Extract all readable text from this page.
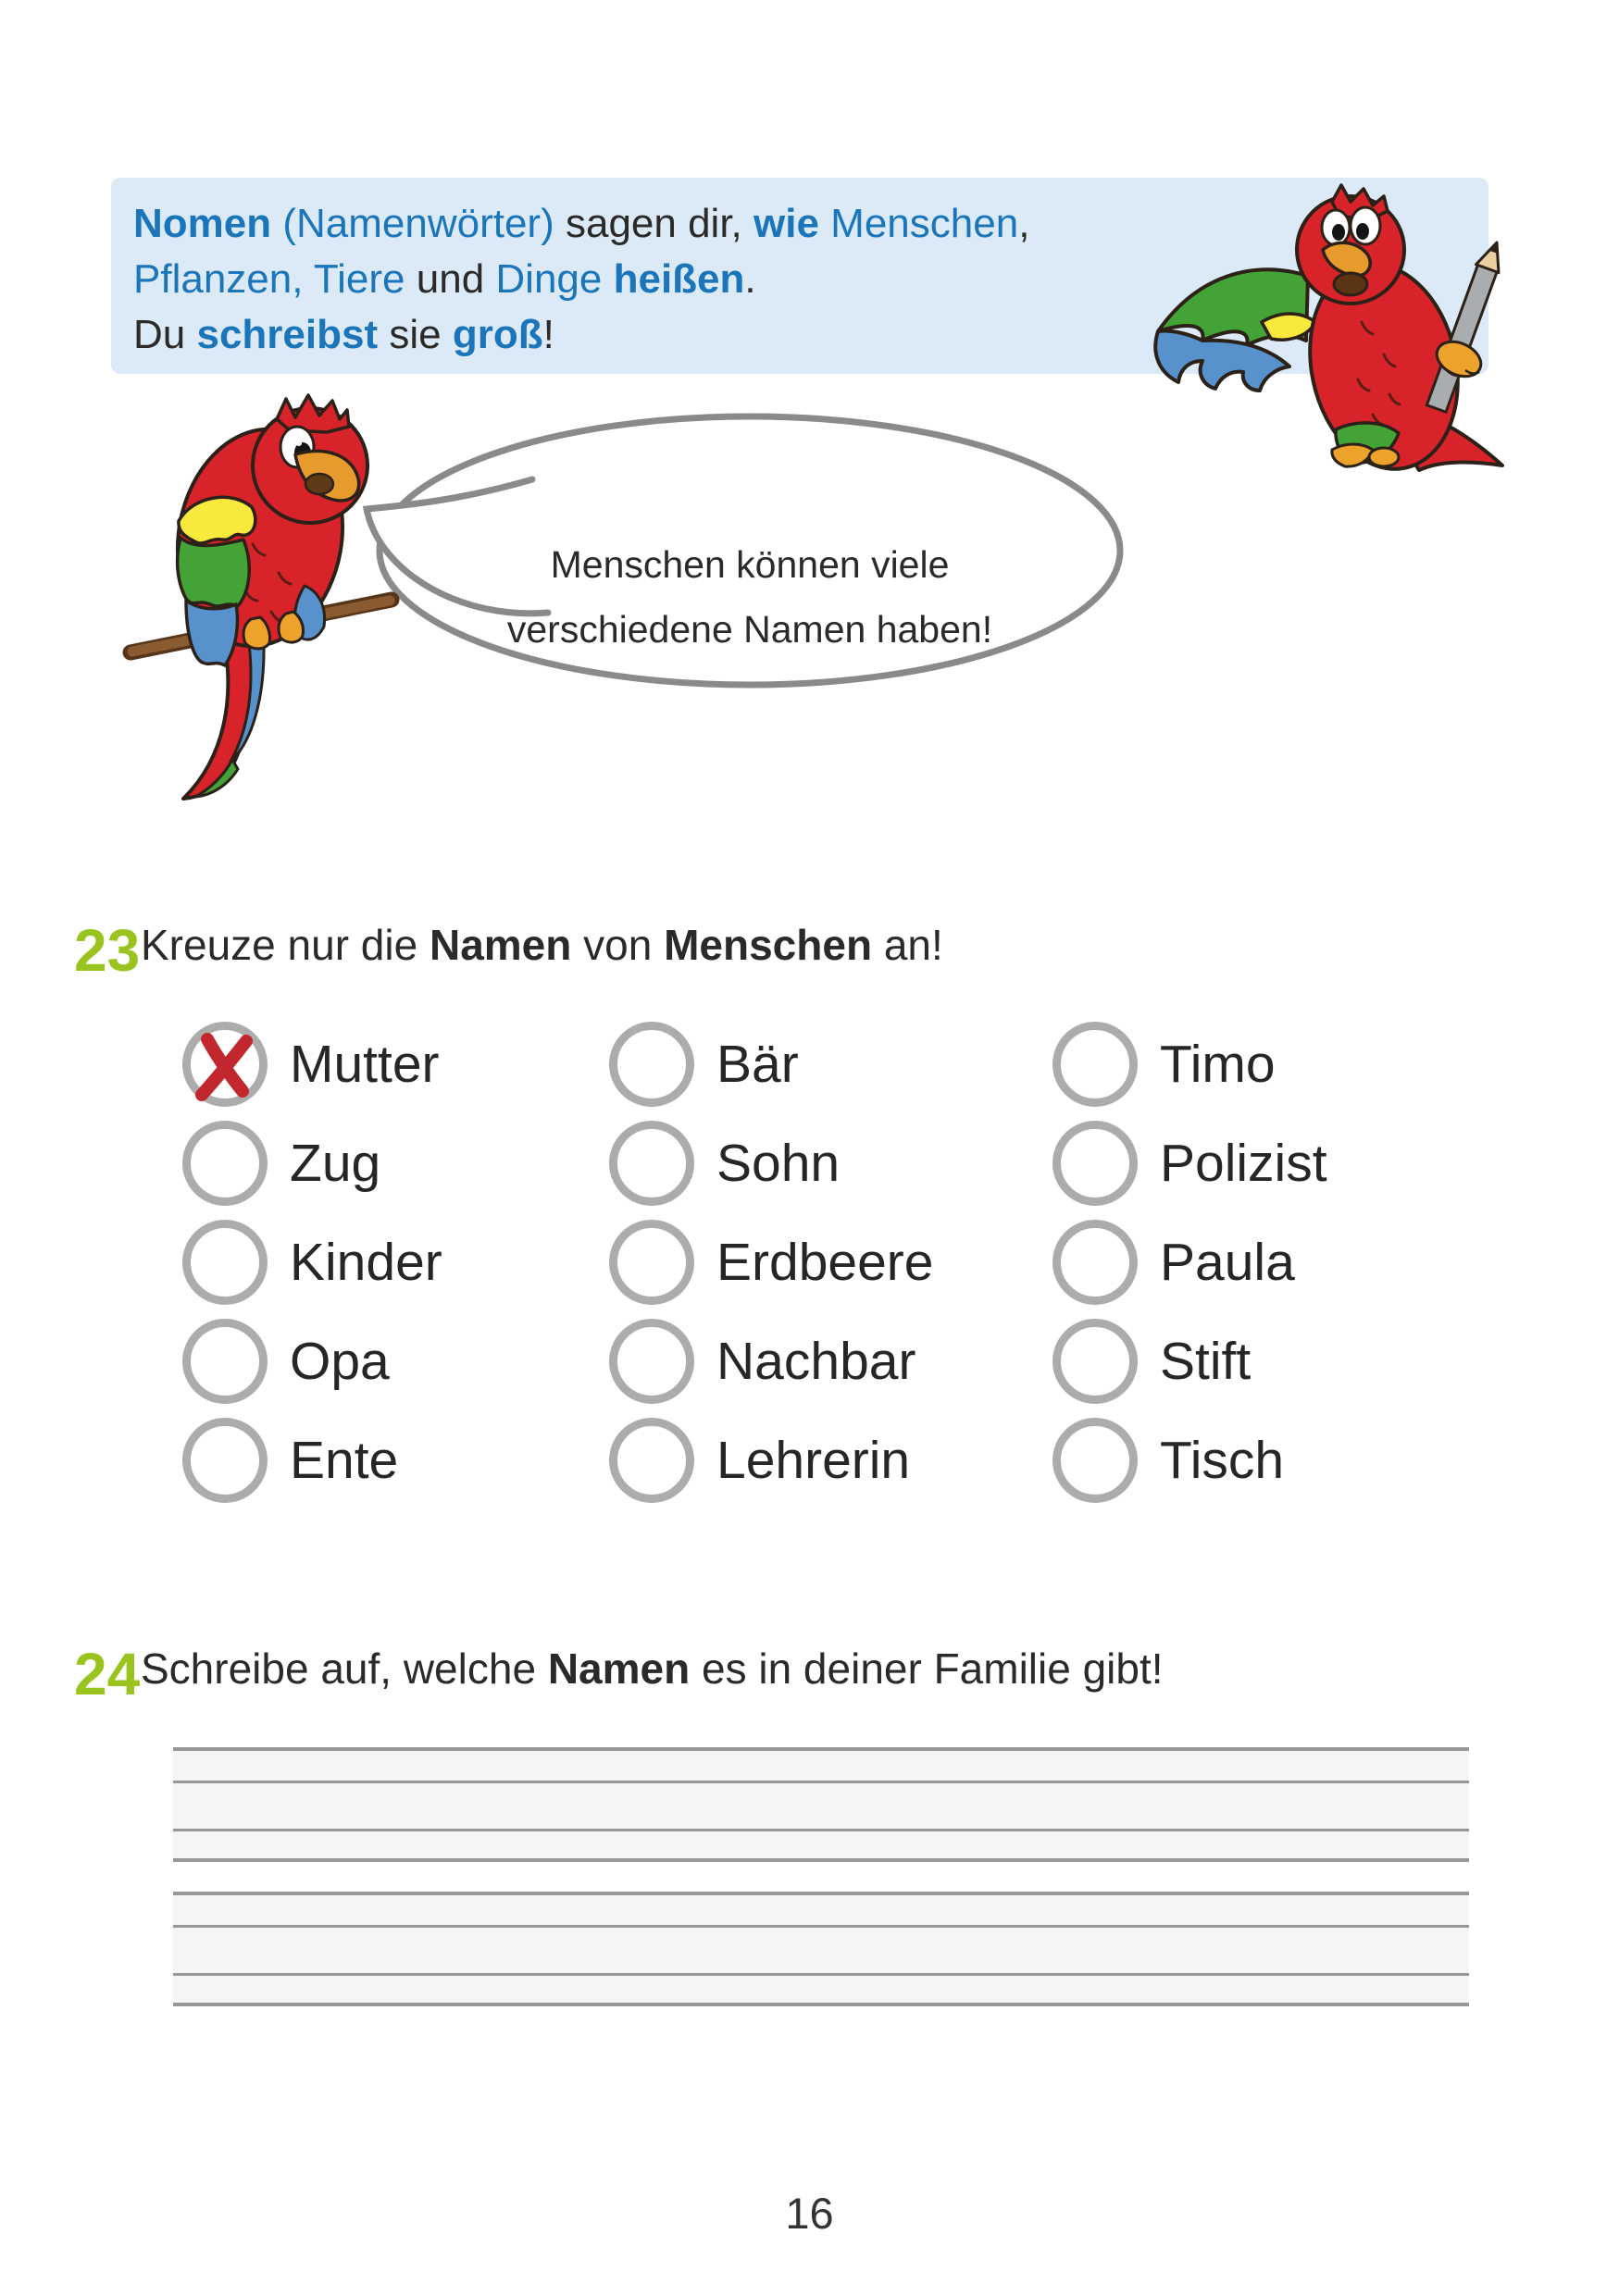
Nomen (Namenwörter) sagen dir, wie Menschen,
Pflanzen, Tiere und Dinge heißen.
Du schreibst sie groß!
Menschen können viele
verschiedene Namen haben!
23 Kreuze nur die Namen von Menschen an!
Mutter
Zug
Kinder
Opa
Ente
Bär
Sohn
Erdbeere
Nachbar
Lehrerin
Timo
Polizist
Paula
Stift
Tisch
24 Schreibe auf, welche Namen es in deiner Familie gibt!
16
